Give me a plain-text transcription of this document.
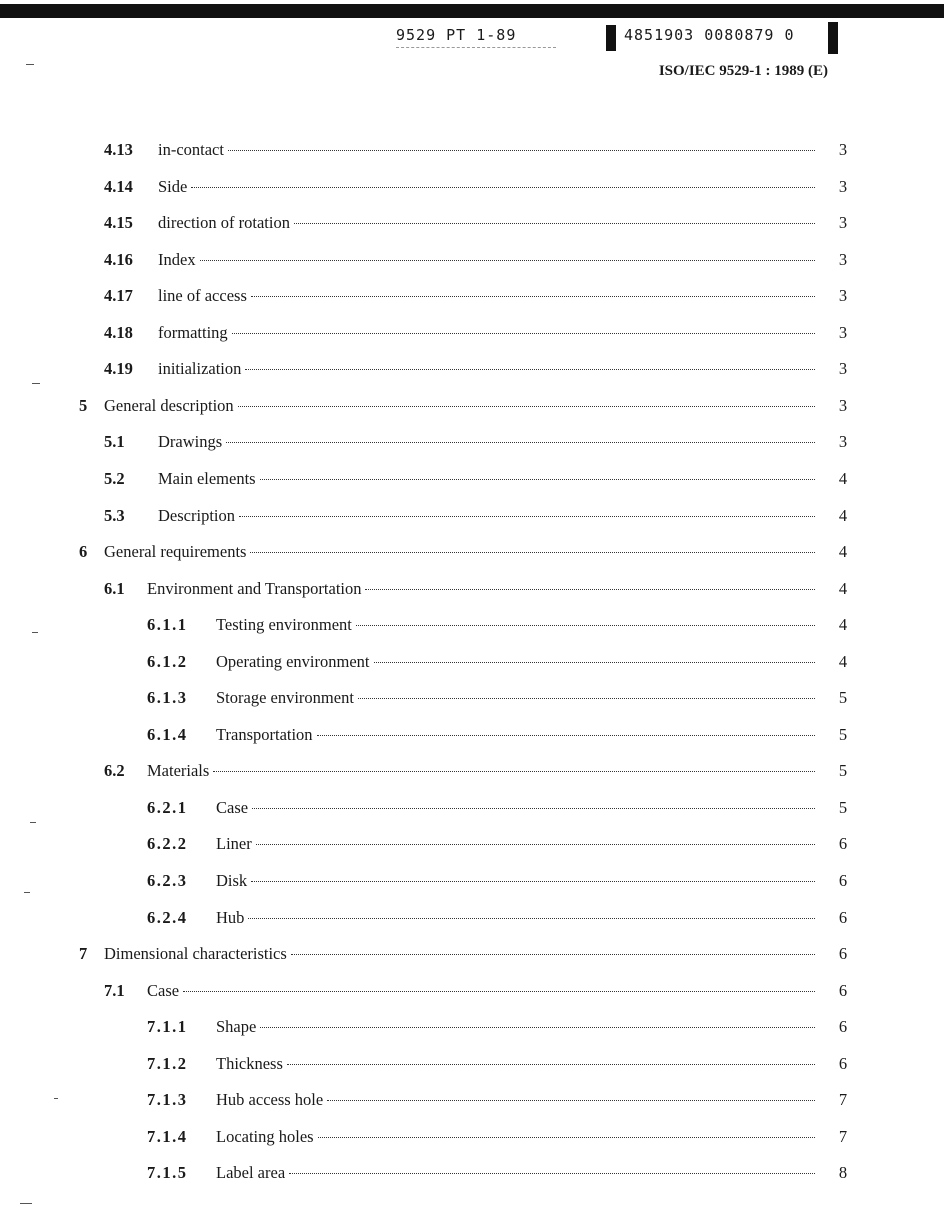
9529 PT 1-89	4851903 0080879 0
ISO/IEC 9529-1 : 1989 (E)
4.13 in-contact	3
4.14 Side	3
4.15 direction of rotation	3
4.16 Index	3
4.17 line of access	3
4.18 formatting	3
4.19 initialization	3
5 General description	3
5.1 Drawings	3
5.2 Main elements	4
5.3 Description	4
6 General requirements	4
6.1 Environment and Transportation	4
6.1.1 Testing environment	4
6.1.2 Operating environment	4
6.1.3 Storage environment	5
6.1.4 Transportation	5
6.2 Materials	5
6.2.1 Case	5
6.2.2 Liner	6
6.2.3 Disk	6
6.2.4 Hub	6
7 Dimensional characteristics	6
7.1 Case	6
7.1.1 Shape	6
7.1.2 Thickness	6
7.1.3 Hub access hole	7
7.1.4 Locating holes	7
7.1.5 Label area	8
